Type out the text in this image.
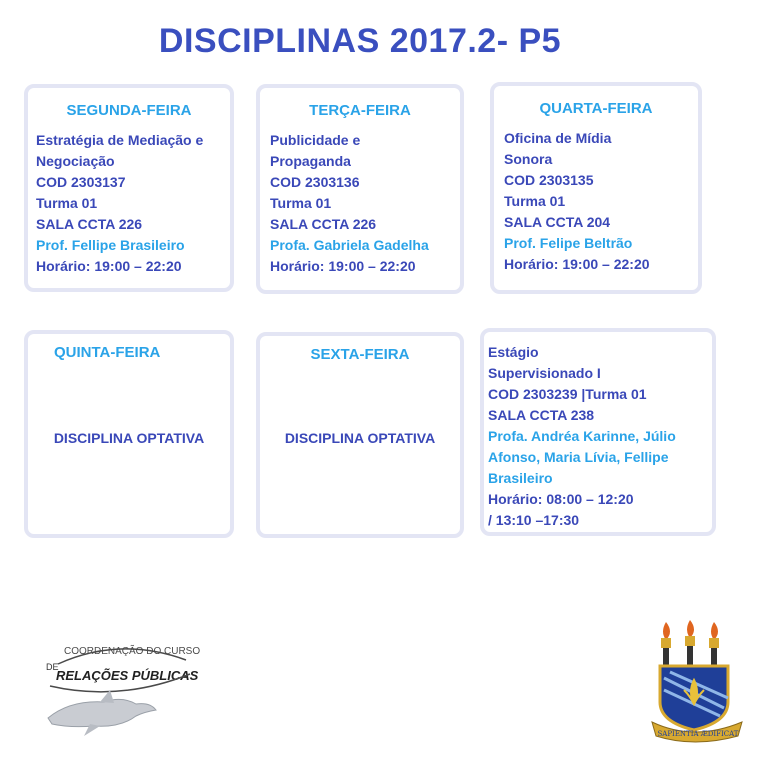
DISCIPLINAS 2017.2- P5
SEGUNDA-FEIRA
Estratégia de Mediação e
Negociação
COD 2303137
Turma 01
SALA CCTA 226
Prof. Fellipe Brasileiro
Horário: 19:00 – 22:20
TERÇA-FEIRA
Publicidade e
Propaganda
COD 2303136
Turma 01
SALA CCTA 226
Profa. Gabriela Gadelha
Horário: 19:00 – 22:20
QUARTA-FEIRA
Oficina de Mídia
Sonora
COD 2303135
Turma 01
SALA CCTA 204
Prof. Felipe Beltrão
Horário: 19:00 – 22:20
QUINTA-FEIRA
DISCIPLINA OPTATIVA
SEXTA-FEIRA
DISCIPLINA OPTATIVA
Estágio
Supervisionado I
COD 2303239 |Turma 01
SALA CCTA 238
Profa. Andréa Karinne, Júlio
Afonso, Maria Lívia, Fellipe
Brasileiro
Horário: 08:00 – 12:20
/ 13:10 –17:30
COORDENAÇÃO DO CURSO
DE
RELAÇÕES PÚBLICAS
SAPIENTIA ÆDIFICAT
